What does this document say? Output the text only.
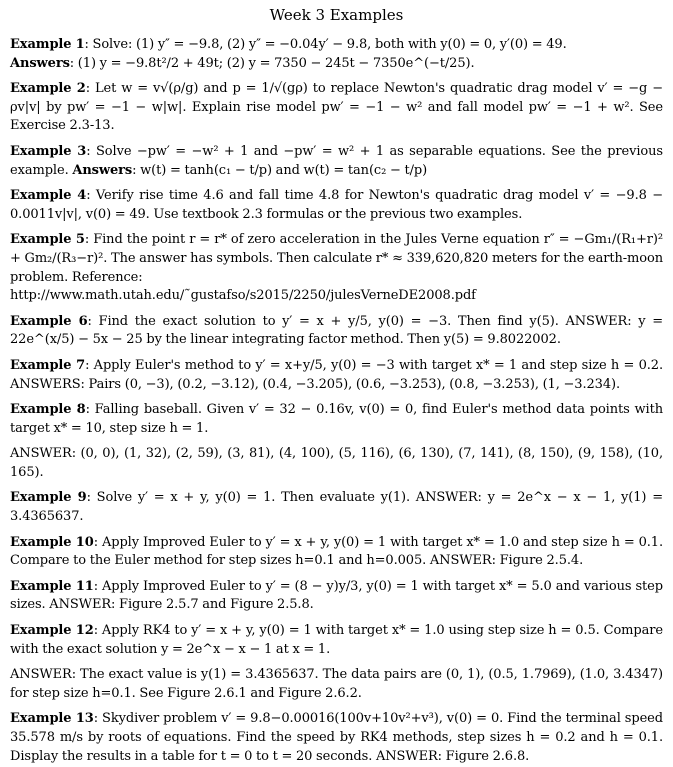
Week 3 Examples
Example 1: Solve: (1) y″ = −9.8, (2) y″ = −0.04y′ − 9.8, both with y(0) = 0, y′(0) = 49.
Answers: (1) y = −9.8t²/2 + 49t; (2) y = 7350 − 245t − 7350e^(−t/25).
Example 2: Let w = v√(ρ/g) and p = 1/√(gρ) to replace Newton's quadratic drag model v′ = −g − ρv|v| by pw′ = −1 − w|w|. Explain rise model pw′ = −1 − w² and fall model pw′ = −1 + w². See Exercise 2.3-13.
Example 3: Solve −pw′ = −w² + 1 and −pw′ = w² + 1 as separable equations. See the previous example. Answers: w(t) = tanh(c₁ − t/p) and w(t) = tan(c₂ − t/p)
Example 4: Verify rise time 4.6 and fall time 4.8 for Newton's quadratic drag model v′ = −9.8 − 0.0011v|v|, v(0) = 49. Use textbook 2.3 formulas or the previous two examples.
Example 5: Find the point r = r* of zero acceleration in the Jules Verne equation r″ = −Gm₁/(R₁+r)² + Gm₂/(R₃−r)². The answer has symbols. Then calculate r* ≈ 339,620,820 meters for the earth-moon problem. Reference:
http://www.math.utah.edu/˜gustafso/s2015/2250/julesVerneDE2008.pdf
Example 6: Find the exact solution to y′ = x + y/5, y(0) = −3. Then find y(5). ANSWER: y = 22e^(x/5) − 5x − 25 by the linear integrating factor method. Then y(5) = 9.8022002.
Example 7: Apply Euler's method to y′ = x+y/5, y(0) = −3 with target x* = 1 and step size h = 0.2. ANSWERS: Pairs (0, −3), (0.2, −3.12), (0.4, −3.205), (0.6, −3.253), (0.8, −3.253), (1, −3.234).
Example 8: Falling baseball. Given v′ = 32 − 0.16v, v(0) = 0, find Euler's method data points with target x* = 10, step size h = 1.
ANSWER: (0, 0), (1, 32), (2, 59), (3, 81), (4, 100), (5, 116), (6, 130), (7, 141), (8, 150), (9, 158), (10, 165).
Example 9: Solve y′ = x + y, y(0) = 1. Then evaluate y(1). ANSWER: y = 2e^x − x − 1, y(1) = 3.4365637.
Example 10: Apply Improved Euler to y′ = x + y, y(0) = 1 with target x* = 1.0 and step size h = 0.1. Compare to the Euler method for step sizes h=0.1 and h=0.005. ANSWER: Figure 2.5.4.
Example 11: Apply Improved Euler to y′ = (8 − y)y/3, y(0) = 1 with target x* = 5.0 and various step sizes. ANSWER: Figure 2.5.7 and Figure 2.5.8.
Example 12: Apply RK4 to y′ = x + y, y(0) = 1 with target x* = 1.0 using step size h = 0.5. Compare with the exact solution y = 2e^x − x − 1 at x = 1.
ANSWER: The exact value is y(1) = 3.4365637. The data pairs are (0, 1), (0.5, 1.7969), (1.0, 3.4347) for step size h=0.1. See Figure 2.6.1 and Figure 2.6.2.
Example 13: Skydiver problem v′ = 9.8−0.00016(100v+10v²+v³), v(0) = 0. Find the terminal speed 35.578 m/s by roots of equations. Find the speed by RK4 methods, step sizes h = 0.2 and h = 0.1. Display the results in a table for t = 0 to t = 20 seconds. ANSWER: Figure 2.6.8.
